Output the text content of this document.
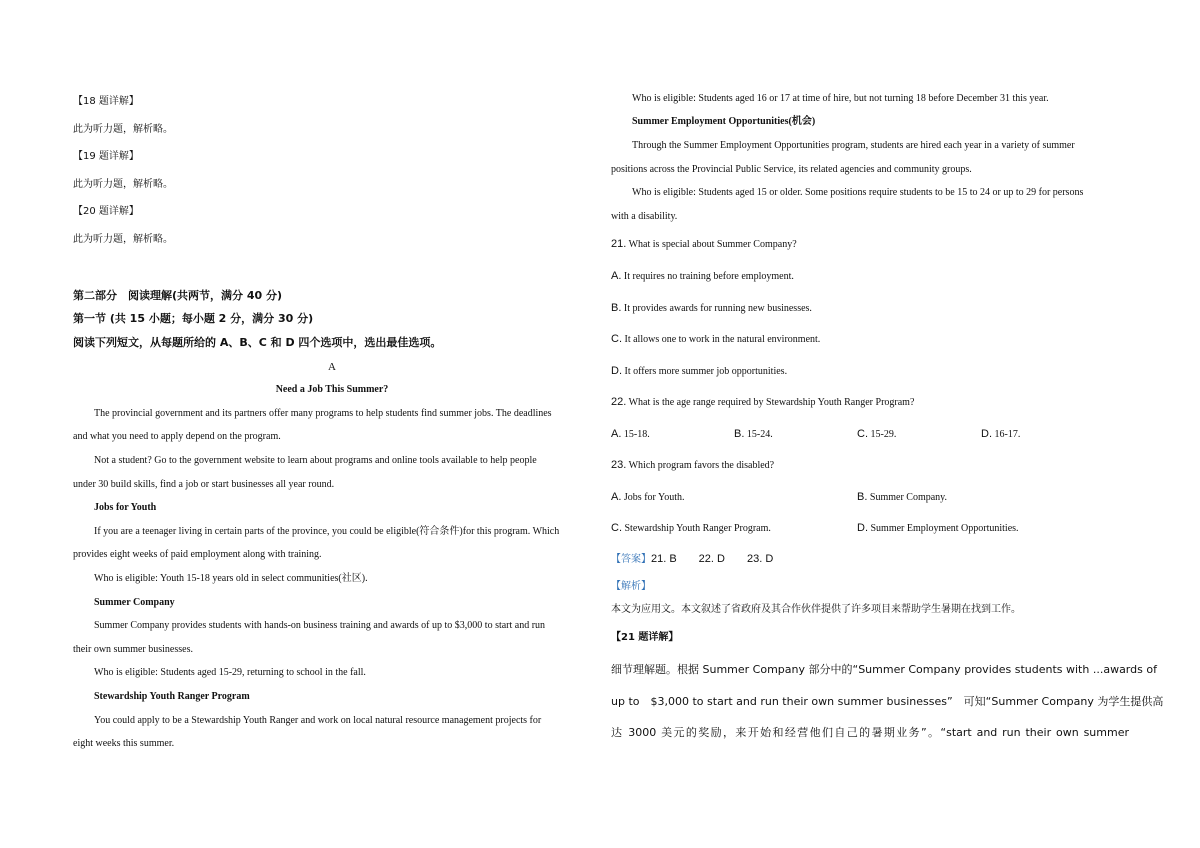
【18 题详解】
此为听力题，解析略。
【19 题详解】
此为听力题，解析略。
【20 题详解】
此为听力题，解析略。
第二部分　阅读理解(共两节，满分 40 分)
第一节 (共 15 小题；每小题 2 分，满分 30 分)
阅读下列短文，从每题所给的 A、B、C 和 D 四个选项中，选出最佳选项。
A
Need a Job This Summer?
The provincial government and its partners offer many programs to help students find summer jobs. The deadlines
and what you need to apply depend on the program.
Not a student? Go to the government website to learn about programs and online tools available to help people
under 30 build skills, find a job or start businesses all year round.
Jobs for Youth
If you are a teenager living in certain parts of the province, you could be eligible(符合条件)for this program. Which
provides eight weeks of paid employment along with training.
Who is eligible: Youth 15-18 years old in select communities(社区).
Summer Company
Summer Company provides students with hands-on business training and awards of up to $3,000 to start and run
their own summer businesses.
Who is eligible: Students aged 15-29, returning to school in the fall.
Stewardship Youth Ranger Program
You could apply to be a Stewardship Youth Ranger and work on local natural resource management projects for
eight weeks this summer.
Who is eligible: Students aged 16 or 17 at time of hire, but not turning 18 before December 31 this year.
Summer Employment Opportunities(机会)
Through the Summer Employment Opportunities program, students are hired each year in a variety of summer
positions across the Provincial Public Service, its related agencies and community groups.
Who is eligible: Students aged 15 or older. Some positions require students to be 15 to 24 or up to 29 for persons
with a disability.
21. What is special about Summer Company?
A. It requires no training before employment.
B. It provides awards for running new businesses.
C. It allows one to work in the natural environment.
D. It offers more summer job opportunities.
22. What is the age range required by Stewardship Youth Ranger Program?
A. 15-18.	B. 15-24.	C. 15-29.	D. 16-17.
23. Which program favors the disabled?
A. Jobs for Youth.	B. Summer Company.
C. Stewardship Youth Ranger Program.	D. Summer Employment Opportunities.
【答案】21. B　　22. D　　23. D
【解析】
本文为应用文。本文叙述了省政府及其合作伙伴提供了许多项目来帮助学生暑期在找到工作。
【21 题详解】
细节理解题。根据 Summer Company 部分中的“Summer Company provides students with ...awards of
up to　$3,000 to start and run their own summer businesses”　可知“Summer Company 为学生提供高
达 3000 美元的奖励，来开始和经营他们自己的暑期业务”。“start and run their own summer
